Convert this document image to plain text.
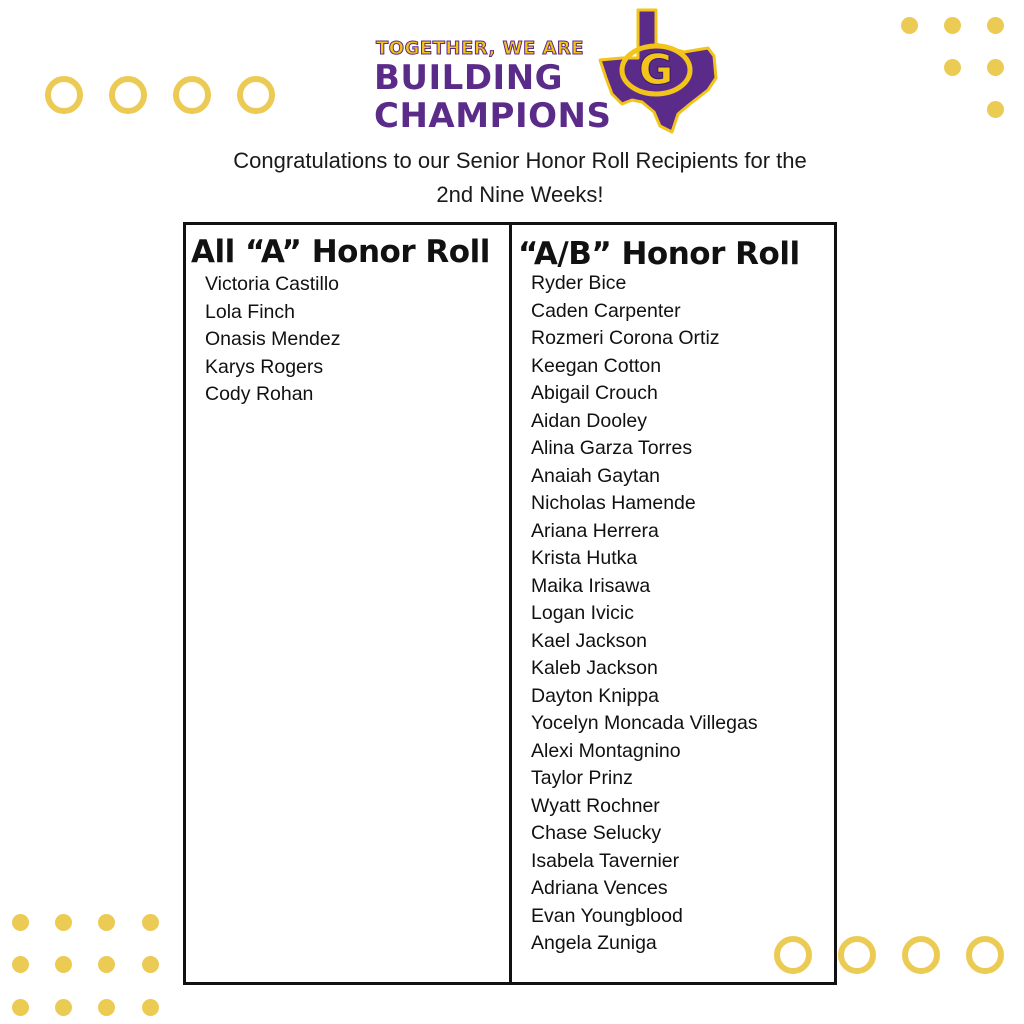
TOGETHER, WE ARE
BUILDING
CHAMPIONS
G
Congratulations to our Senior Honor Roll Recipients for the
2nd Nine Weeks!
All “A” Honor Roll
Victoria Castillo
Lola Finch
Onasis Mendez
Karys Rogers
Cody Rohan
“A/B” Honor Roll
Ryder Bice
Caden Carpenter
Rozmeri Corona Ortiz
Keegan Cotton
Abigail Crouch
Aidan Dooley
Alina Garza Torres
Anaiah Gaytan
Nicholas Hamende
Ariana Herrera
Krista Hutka
Maika Irisawa
Logan Ivicic
Kael Jackson
Kaleb Jackson
Dayton Knippa
Yocelyn Moncada Villegas
Alexi Montagnino
Taylor Prinz
Wyatt Rochner
Chase Selucky
Isabela Tavernier
Adriana Vences
Evan Youngblood
Angela Zuniga
